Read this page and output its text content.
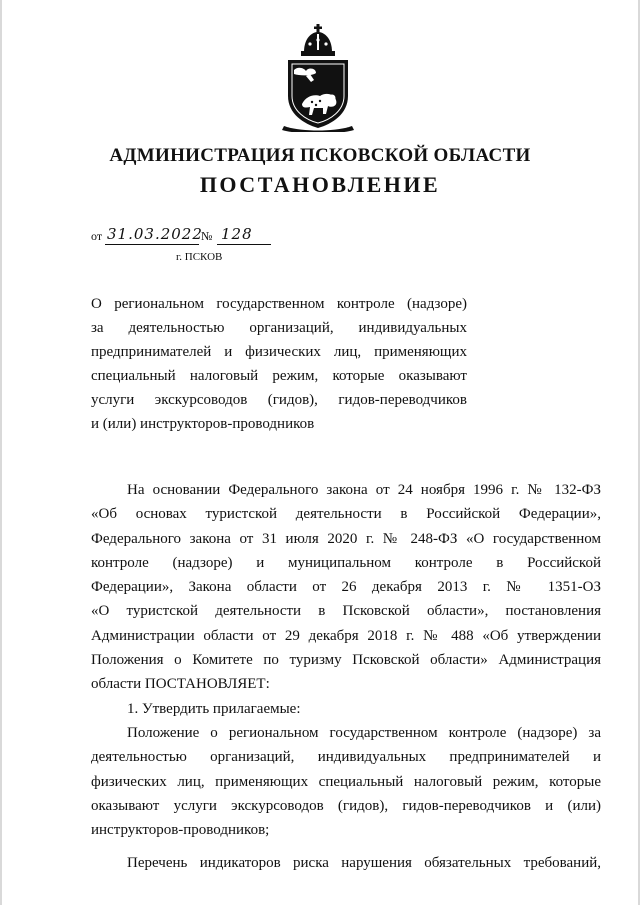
АДМИНИСТРАЦИЯ ПСКОВСКОЙ ОБЛАСТИ
ПОСТАНОВЛЕНИЕ
от 31.03.2022
№ 128
г. ПСКОВ
О региональном государственном контроле (надзоре)
за деятельностью организаций, индивидуальных
предпринимателей и физических лиц, применяющих
специальный налоговый режим, которые оказывают
услуги экскурсоводов (гидов), гидов-переводчиков
и (или) инструкторов-проводников
На основании Федерального закона от 24 ноября 1996 г. № 132-ФЗ
«Об основах туристской деятельности в Российской Федерации»,
Федерального закона от 31 июля 2020 г. № 248-ФЗ «О государственном
контроле (надзоре) и муниципальном контроле в Российской
Федерации», Закона области от 26 декабря 2013 г. № 1351-ОЗ
«О туристской деятельности в Псковской области», постановления
Администрации области от 29 декабря 2018 г. № 488 «Об утверждении
Положения о Комитете по туризму Псковской области» Администрация
области ПОСТАНОВЛЯЕТ:
1. Утвердить прилагаемые:
Положение о региональном государственном контроле (надзоре) за
деятельностью организаций, индивидуальных предпринимателей и
физических лиц, применяющих специальный налоговый режим, которые
оказывают услуги экскурсоводов (гидов), гидов-переводчиков и (или)
инструкторов-проводников;
Перечень индикаторов риска нарушения обязательных требований,
